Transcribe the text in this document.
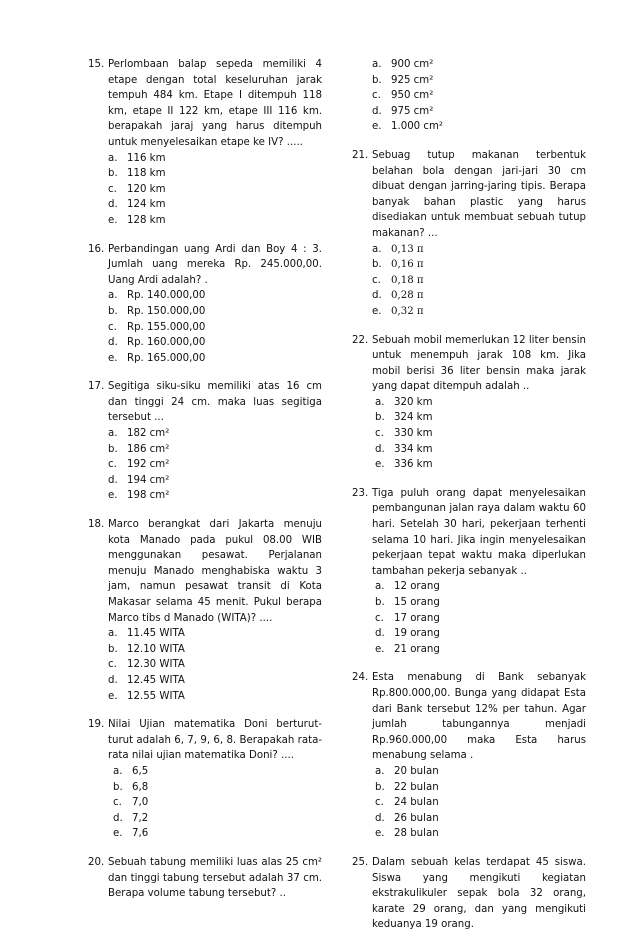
15. Perlombaan balap sepeda memiliki 4 etape dengan total keseluruhan jarak tempuh 484 km. Etape I ditempuh 118 km, etape II 122 km, etape III 116 km. berapakah jaraj yang harus ditempuh untuk menyelesaikan etape ke IV? .....
a. 116 km
b. 118 km
c. 120 km
d. 124 km
e. 128 km
16. Perbandingan uang Ardi dan Boy 4 : 3. Jumlah uang mereka Rp. 245.000,00. Uang Ardi adalah? .
a. Rp. 140.000,00
b. Rp. 150.000,00
c. Rp. 155.000,00
d. Rp. 160.000,00
e. Rp. 165.000,00
17. Segitiga siku-siku memiliki atas 16 cm dan tinggi 24 cm. maka luas segitiga tersebut ...
a. 182 cm²
b. 186 cm²
c. 192 cm²
d. 194 cm²
e. 198 cm²
18. Marco berangkat dari Jakarta menuju kota Manado pada pukul 08.00 WIB menggunakan pesawat. Perjalanan menuju Manado menghabiska waktu 3 jam, namun pesawat transit di Kota Makasar selama 45 menit. Pukul berapa Marco tibs d Manado (WITA)? ....
a. 11.45 WITA
b. 12.10 WITA
c. 12.30 WITA
d. 12.45 WITA
e. 12.55 WITA
19. Nilai Ujian matematika Doni berturut-turut adalah 6, 7, 9, 6, 8. Berapakah rata-rata nilai ujian matematika Doni? ....
a. 6,5
b. 6,8
c. 7,0
d. 7,2
e. 7,6
20. Sebuah tabung memiliki luas alas 25 cm² dan tinggi tabung tersebut adalah 37 cm. Berapa volume tabung tersebut? ..
a. 900 cm²
b. 925 cm²
c. 950 cm²
d. 975 cm²
e. 1.000 cm²
21. Sebuag tutup makanan terbentuk belahan bola dengan jari-jari 30 cm dibuat dengan jarring-jaring tipis. Berapa banyak bahan plastic yang harus disediakan untuk membuat sebuah tutup makanan? ...
a. 0,13 π
b. 0,16 π
c. 0,18 π
d. 0,28 π
e. 0,32 π
22. Sebuah mobil memerlukan 12 liter bensin untuk menempuh jarak 108 km. Jika mobil berisi 36 liter bensin maka jarak yang dapat ditempuh adalah ..
a. 320 km
b. 324 km
c. 330 km
d. 334 km
e. 336 km
23. Tiga puluh orang dapat menyelesaikan pembangunan jalan raya dalam waktu 60 hari. Setelah 30 hari, pekerjaan terhenti selama 10 hari. Jika ingin menyelesaikan pekerjaan tepat waktu maka diperlukan tambahan pekerja sebanyak ..
a. 12 orang
b. 15 orang
c. 17 orang
d. 19 orang
e. 21 orang
24. Esta menabung di Bank sebanyak Rp.800.000,00. Bunga yang didapat Esta dari Bank tersebut 12% per tahun. Agar jumlah tabungannya menjadi Rp.960.000,00 maka Esta harus menabung selama .
a. 20 bulan
b. 22 bulan
c. 24 bulan
d. 26 bulan
e. 28 bulan
25. Dalam sebuah kelas terdapat 45 siswa. Siswa yang mengikuti kegiatan ekstrakulikuler sepak bola 32 orang, karate 29 orang, dan yang mengikuti keduanya 19 orang.
